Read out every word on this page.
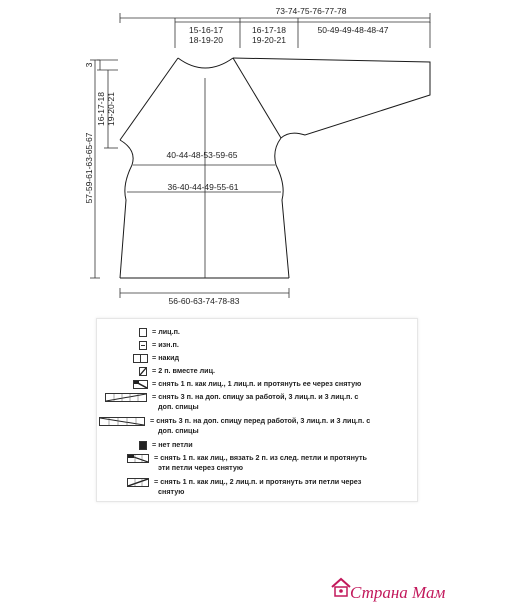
73-74-75-76-77-78
15-16-17
18-19-20
16-17-18
19-20-21
50-49-49-48-48-47
3
16-17-18 19-20-21
57-59-61-63-65-67	40-44-48-53-59-65
36-40-44-49-55-61
56-60-63-74-78-83
= лиц.п.
= изн.п.
= накид
= 2 п. вместе лиц.
= снять 1 п. как лиц., 1 лиц.п. и протянуть ее через снятую
= снять 3 п. на доп. спицу за работой, 3 лиц.п. и 3 лиц.п. с
доп. спицы
= снять 3 п. на доп. спицу перед работой, 3 лиц.п. и 3 лиц.п. с
доп. спицы
= нет петли
= снять 1 п. как лиц., вязать 2 п. из след. петли и протянуть
эти петли через снятую
= снять 1 п. как лиц., 2 лиц.п. и протянуть эти петли через
снятую
Страна Мам
